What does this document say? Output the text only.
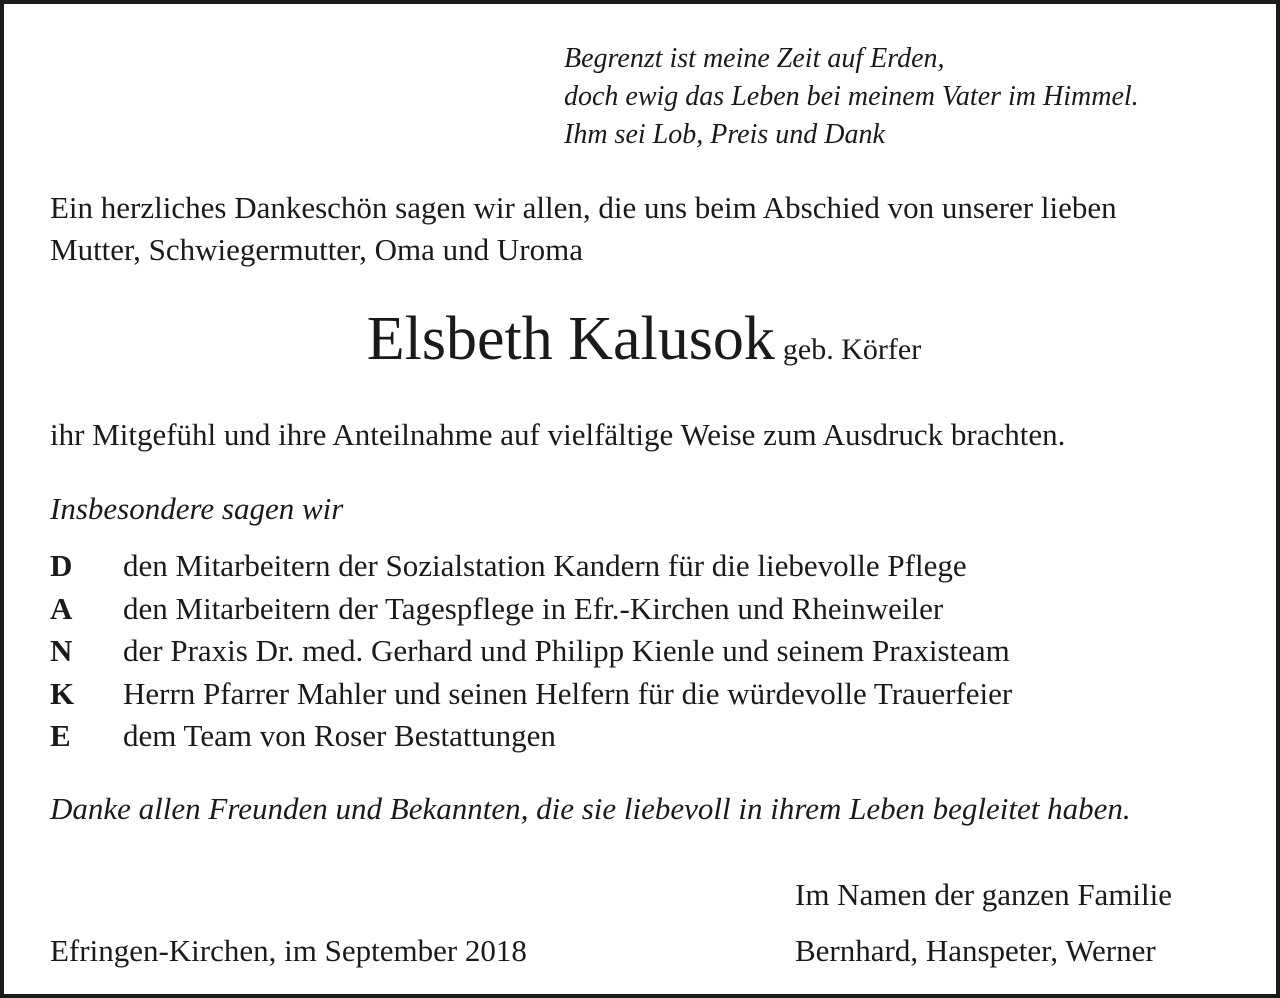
Begrenzt ist meine Zeit auf Erden,
doch ewig das Leben bei meinem Vater im Himmel.
Ihm sei Lob, Preis und Dank
Ein herzliches Dankeschön sagen wir allen, die uns beim Abschied von unserer lieben
Mutter, Schwiegermutter, Oma und Uroma
Elsbeth Kalusok geb. Körfer
ihr Mitgefühl und ihre Anteilnahme auf vielfältige Weise zum Ausdruck brachten.
Insbesondere sagen wir
D	den Mitarbeitern der Sozialstation Kandern für die liebevolle Pflege
A	den Mitarbeitern der Tagespflege in Efr.-Kirchen und Rheinweiler
N	der Praxis Dr. med. Gerhard und Philipp Kienle und seinem Praxisteam
K	Herrn Pfarrer Mahler und seinen Helfern für die würdevolle Trauerfeier
E	dem Team von Roser Bestattungen
Danke allen Freunden und Bekannten, die sie liebevoll in ihrem Leben begleitet haben.
Im Namen der ganzen Familie
Efringen-Kirchen, im September 2018	Bernhard, Hanspeter, Werner
